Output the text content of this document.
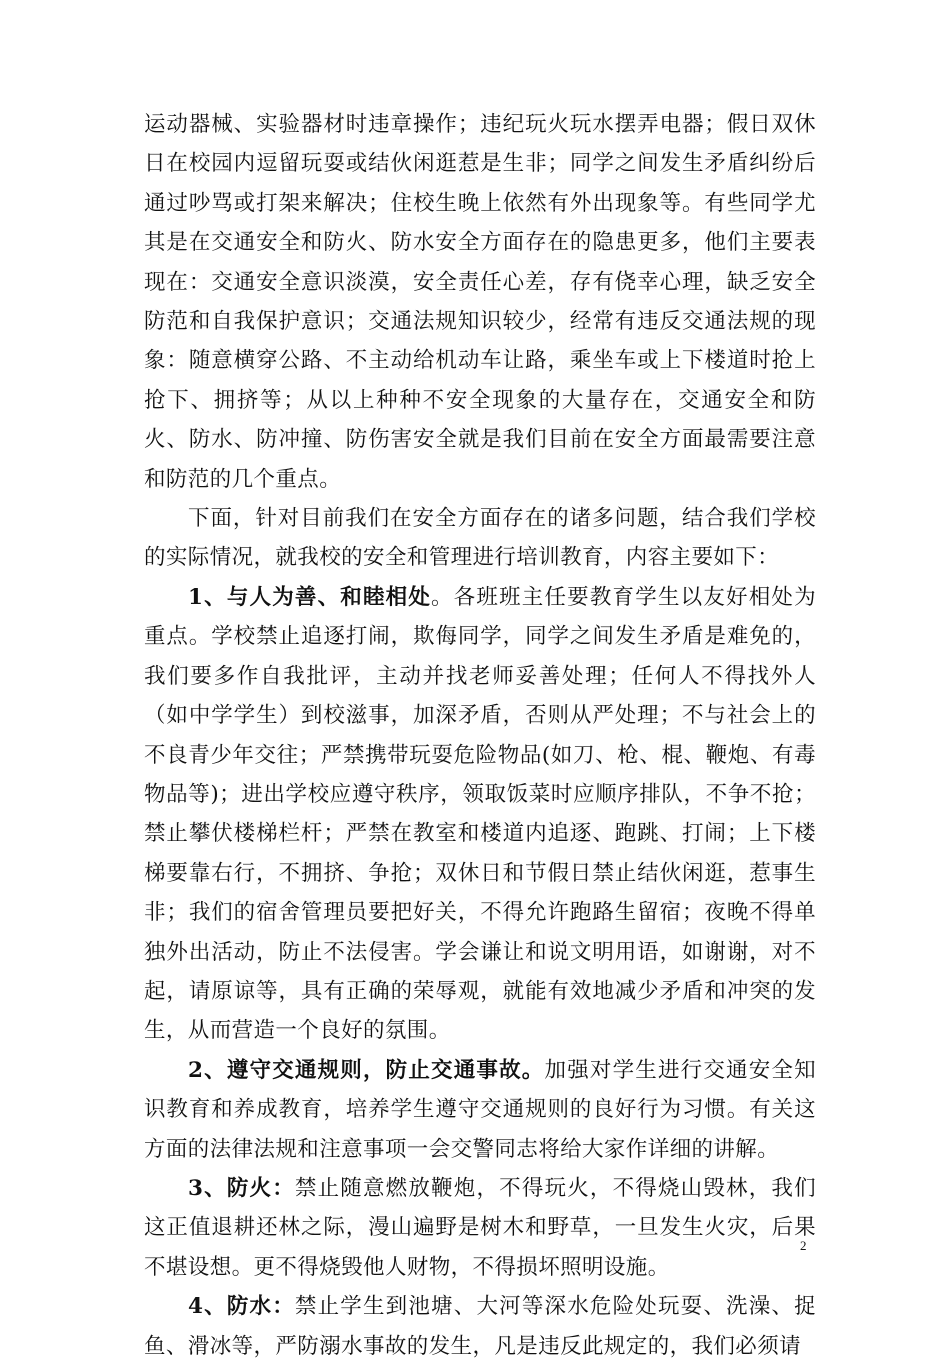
运动器械、实验器材时违章操作；违纪玩火玩水摆弄电器；假日双休日在校园内逗留玩耍或结伙闲逛惹是生非；同学之间发生矛盾纠纷后通过吵骂或打架来解决；住校生晚上依然有外出现象等。有些同学尤其是在交通安全和防火、防水安全方面存在的隐患更多，他们主要表现在：交通安全意识淡漠，安全责任心差，存有侥幸心理，缺乏安全防范和自我保护意识；交通法规知识较少，经常有违反交通法规的现象：随意横穿公路、不主动给机动车让路，乘坐车或上下楼道时抢上抢下、拥挤等；从以上种种不安全现象的大量存在，交通安全和防火、防水、防冲撞、防伤害安全就是我们目前在安全方面最需要注意和防范的几个重点。

下面，针对目前我们在安全方面存在的诸多问题，结合我们学校的实际情况，就我校的安全和管理进行培训教育，内容主要如下：

1、与人为善、和睦相处。各班班主任要教育学生以友好相处为重点。学校禁止追逐打闹，欺侮同学，同学之间发生矛盾是难免的，我们要多作自我批评，主动并找老师妥善处理；任何人不得找外人（如中学学生）到校滋事，加深矛盾，否则从严处理；不与社会上的不良青少年交往；严禁携带玩耍危险物品(如刀、枪、棍、鞭炮、有毒物品等)；进出学校应遵守秩序，领取饭菜时应顺序排队，不争不抢；禁止攀伏楼梯栏杆；严禁在教室和楼道内追逐、跑跳、打闹；上下楼梯要靠右行，不拥挤、争抢；双休日和节假日禁止结伙闲逛，惹事生非；我们的宿舍管理员要把好关，不得允许跑路生留宿；夜晚不得单独外出活动，防止不法侵害。学会谦让和说文明用语，如谢谢，对不起，请原谅等，具有正确的荣辱观，就能有效地减少矛盾和冲突的发生，从而营造一个良好的氛围。

2、遵守交通规则，防止交通事故。加强对学生进行交通安全知识教育和养成教育，培养学生遵守交通规则的良好行为习惯。有关这方面的法律法规和注意事项一会交警同志将给大家作详细的讲解。

3、防火：禁止随意燃放鞭炮，不得玩火，不得烧山毁林，我们这正值退耕还林之际，漫山遍野是树木和野草，一旦发生火灾，后果不堪设想。更不得烧毁他人财物，不得损坏照明设施。

4、防水：禁止学生到池塘、大河等深水危险处玩耍、洗澡、捉鱼、滑冰等，严防溺水事故的发生，凡是违反此规定的，我们必须请

2
